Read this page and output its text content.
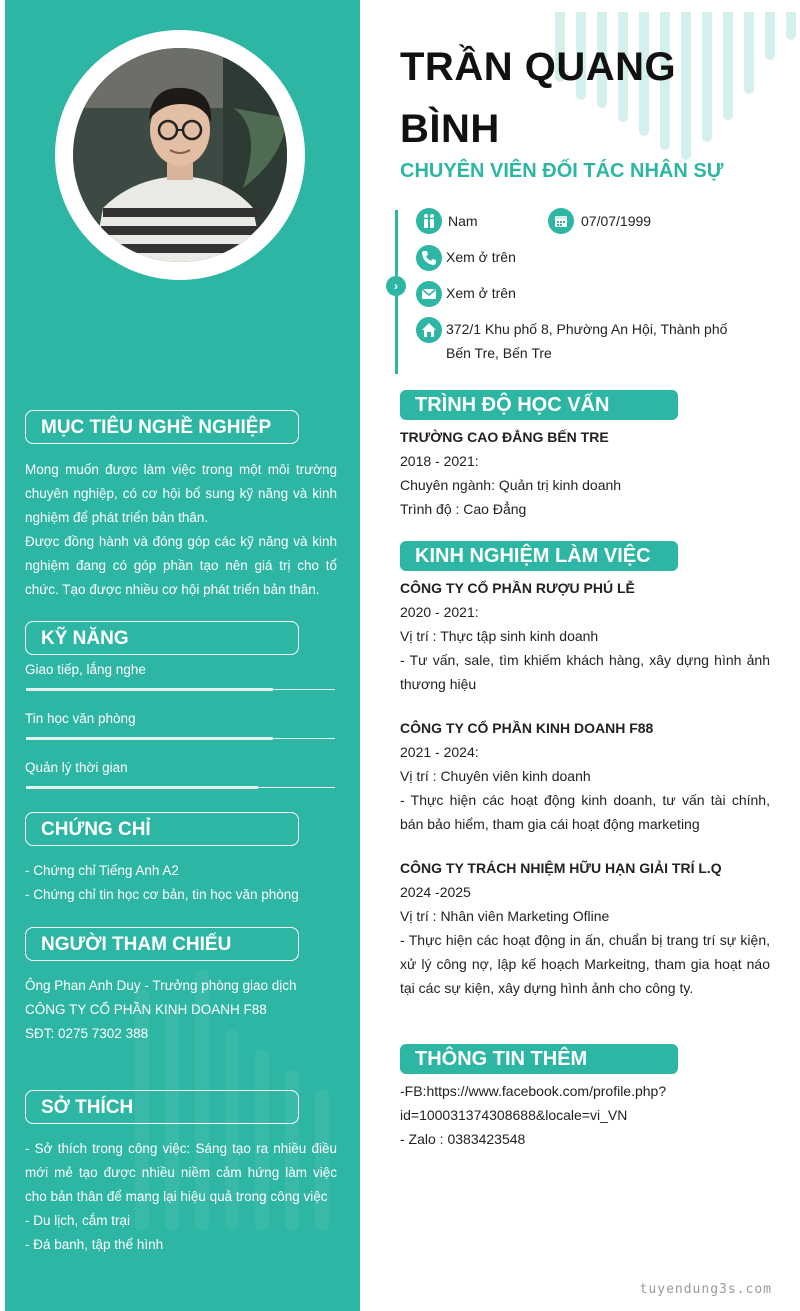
MỤC TIÊU NGHỀ NGHIỆP

Mong muốn được làm việc trong một môi trường chuyên nghiệp, có cơ hội bổ sung kỹ năng và kinh nghiệm để phát triển bản thân.

Được đồng hành và đóng góp các kỹ năng và kinh nghiệm đang có góp phần tạo nên giá trị cho tổ chức. Tạo được nhiều cơ hội phát triển bản thân.

KỸ NĂNG
Giao tiếp, lắng nghe
Tin học văn phòng
Quản lý thời gian
CHỨNG CHỈ

- Chứng chỉ Tiếng Anh A2

- Chứng chỉ tin học cơ bản, tin học văn phòng

NGƯỜI THAM CHIẾU

Ông Phan Anh Duy - Trưởng phòng giao dịch

CÔNG TY CỔ PHẦN KINH DOANH F88

SĐT: 0275 7302 388

SỞ THÍCH

- Sở thích trong công việc: Sáng tạo ra nhiều điều mới mẻ tạo được nhiều niềm cảm hứng làm việc cho bản thân để mang lại hiệu quả trong công việc

- Du lịch, cắm trại

- Đá banh, tập thể hình

TRẦN QUANG
BÌNH
CHUYÊN VIÊN ĐỐI TÁC NHÂN SỰ
›
Nam	07/07/1999
Xem ở trên
Xem ở trên
372/1 Khu phố 8, Phường An Hội, Thành phố
Bến Tre, Bến Tre
TRÌNH ĐỘ HỌC VẤN
TRƯỜNG CAO ĐẲNG BẾN TRE
2018 - 2021:
Chuyên ngành: Quản trị kinh doanh
Trình độ : Cao Đẳng
KINH NGHIỆM LÀM VIỆC
CÔNG TY CỔ PHẦN RƯỢU PHÚ LỄ
2020 - 2021:
Vị trí : Thực tập sinh kinh doanh

- Tư vấn, sale, tìm khiếm khách hàng, xây dựng hình ảnh thương hiệu

CÔNG TY CỔ PHẦN KINH DOANH F88
2021 - 2024:
Vị trí : Chuyên viên kinh doanh

- Thực hiện các hoạt động kinh doanh, tư vấn tài chính, bán bảo hiểm, tham gia cái hoạt động marketing

CÔNG TY TRÁCH NHIỆM HỮU HẠN GIẢI TRÍ L.Q
2024 -2025
Vị trí : Nhân viên Marketing Ofline

- Thực hiện các hoạt động in ấn, chuẩn bị trang trí sự kiện, xử lý công nợ, lập kế hoạch Markeitng, tham gia hoạt náo tại các sự kiện, xây dựng hình ảnh cho công ty.

THÔNG TIN THÊM
-FB:https://www.facebook.com/profile.php?
id=100031374308688&locale=vi_VN
- Zalo : 0383423548
tuyendung3s.com
